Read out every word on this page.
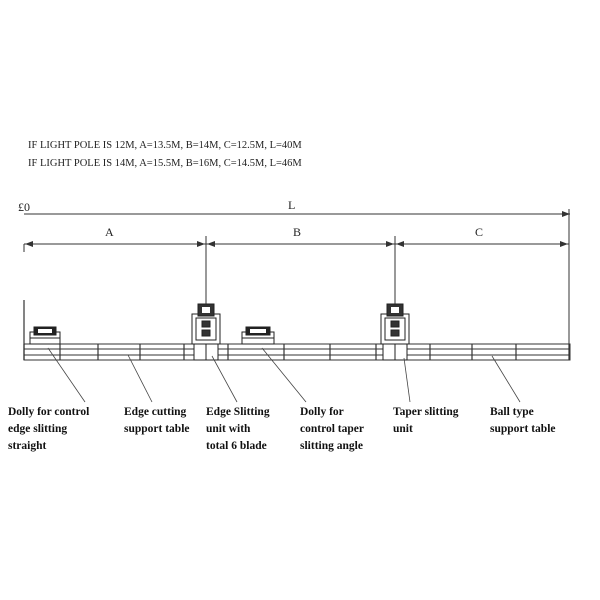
IF LIGHT POLE IS 12M, A=13.5M, B=14M, C=12.5M, L=40M
IF LIGHT POLE IS 14M, A=15.5M, B=16M, C=14.5M, L=46M
£0	L
A	B	C
Dolly for control
edge slitting
straight
Edge cutting
support table
Edge Slitting
unit with
total 6 blade
Dolly for
control taper
slitting angle
Taper slitting
unit
Ball type
support table
